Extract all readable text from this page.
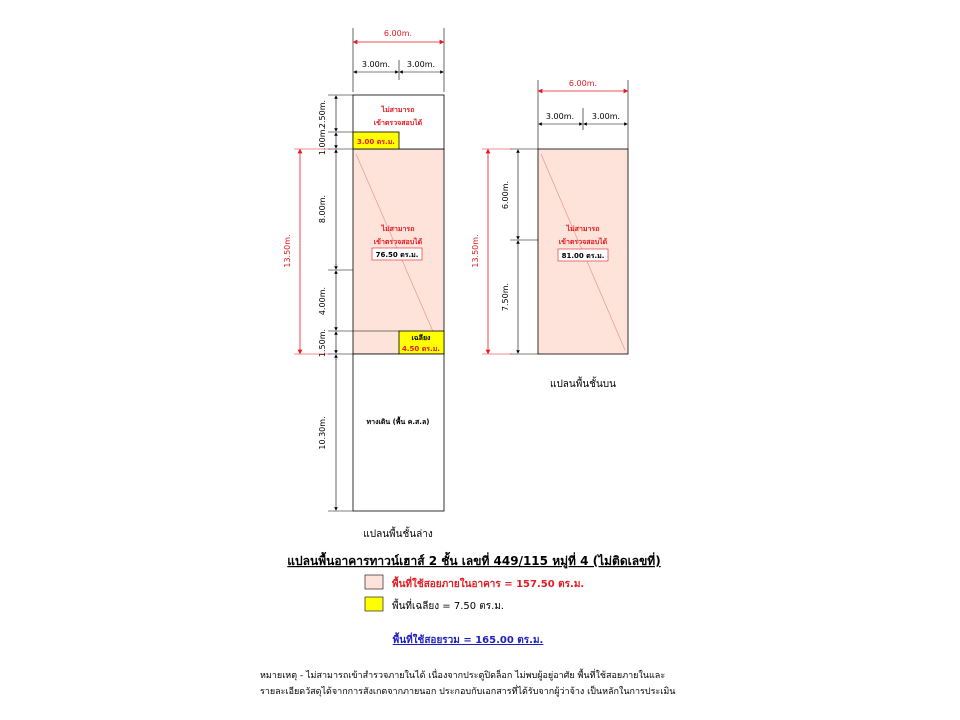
6.00m.
3.00m. 3.00m.
ไม่สามารถ
เข้าตรวจสอบได้
3.00 ตร.ม.
ไม่สามารถ
เข้าตรวจสอบได้
76.50 ตร.ม.
เฉลียง
4.50 ตร.ม.
ทางเดิน (พื้น ค.ส.ล)
2.50m.
1.00m.
8.00m.
4.00m.
1.50m.
10.30m.
13.50m.
แปลนพื้นชั้นล่าง
6.00m.
3.00m. 3.00m.
ไม่สามารถ
เข้าตรวจสอบได้
81.00 ตร.ม.
6.00m.
7.50m.
13.50m.
แปลนพื้นชั้นบน
แปลนพื้นอาคารทาวน์เฮาส์ 2 ชั้น เลขที่ 449/115 หมู่ที่ 4 (ไม่ติดเลขที่)
พื้นที่ใช้สอยภายในอาคาร = 157.50 ตร.ม.
พื้นที่เฉลียง = 7.50 ตร.ม.
พื้นที่ใช้สอยรวม = 165.00 ตร.ม.
หมายเหตุ - ไม่สามารถเข้าสำรวจภายในได้ เนื่องจากประตูปิดล็อก ไม่พบผู้อยู่อาศัย พื้นที่ใช้สอยภายในและ
รายละเอียดวัสดุได้จากการสังเกตจากภายนอก ประกอบกับเอกสารที่ได้รับจากผู้ว่าจ้าง เป็นหลักในการประเมิน
